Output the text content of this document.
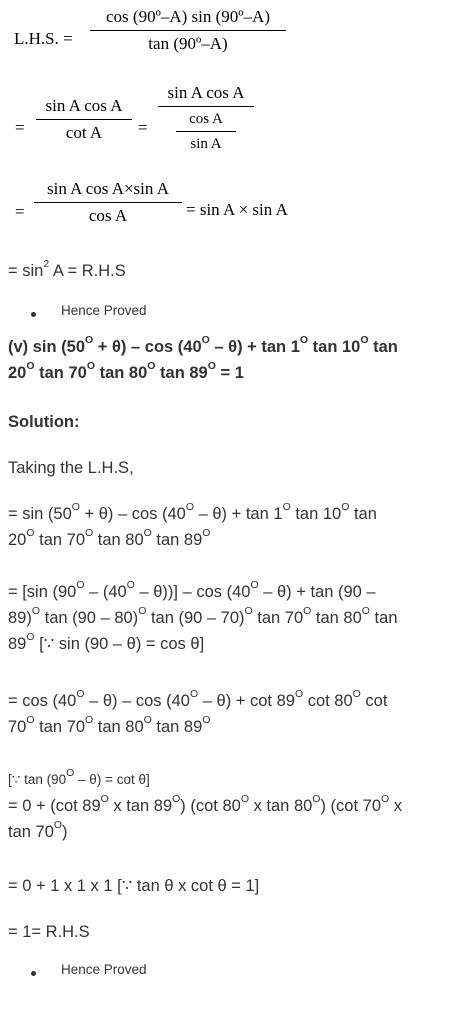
L.H.S. =
cos (90º–A) sin (90º–A)
tan (90º–A)
=
sin A cos A
cot A	=
sin A cos A
cos A
sin A
=
sin A cos A×sin A
cos A	= sin A × sin A

= $\sin^2 A = R.H.S$

Hence Proved

(v) $\sin (50^O + \theta) - \cos (40^O - \theta) + \tan 1^O$ $\tan 10^O$ tan
$20^O$ $\tan 70^O$ $\tan 80^O$ $\tan 89^O = 1$

Solution:

Taking the L.H.S,

= $\sin (50^O + \theta) - \cos (40^O - \theta) + \tan 1^O$ $\tan 10^O$ tan
$20^O$ $\tan 70^O$ $\tan 80^O$ $\tan 89^O$

= [sin $(90^O - (40^O - \theta))] - \cos (40^O - \theta) + \tan (90$ –
89)$^O$ tan (90 – 80)$^O$ tan (90 – 70)$^O$ $\tan 70^O$ $\tan 80^O$ tan
$89^O$ [∵ sin (90 – θ) = cos θ]

= $\cos (40^O - \theta) - \cos (40^O - \theta) + \cot 89^O$ $\cot 80^O$ cot
$70^O$ $\tan 70^O$ $\tan 80^O$ $\tan 89^O$

[∵ $\tan (90^O - \theta) = \cot \theta$]

= 0 + (cot $89^O$ x $\tan 89^O$) (cot $80^O$ x $\tan 80^O$) (cot $70^O$ x
$\tan 70^O$)

= 0 + 1 x 1 x 1 [∵ tan θ x cot θ = 1]

= 1= R.H.S

Hence Proved
